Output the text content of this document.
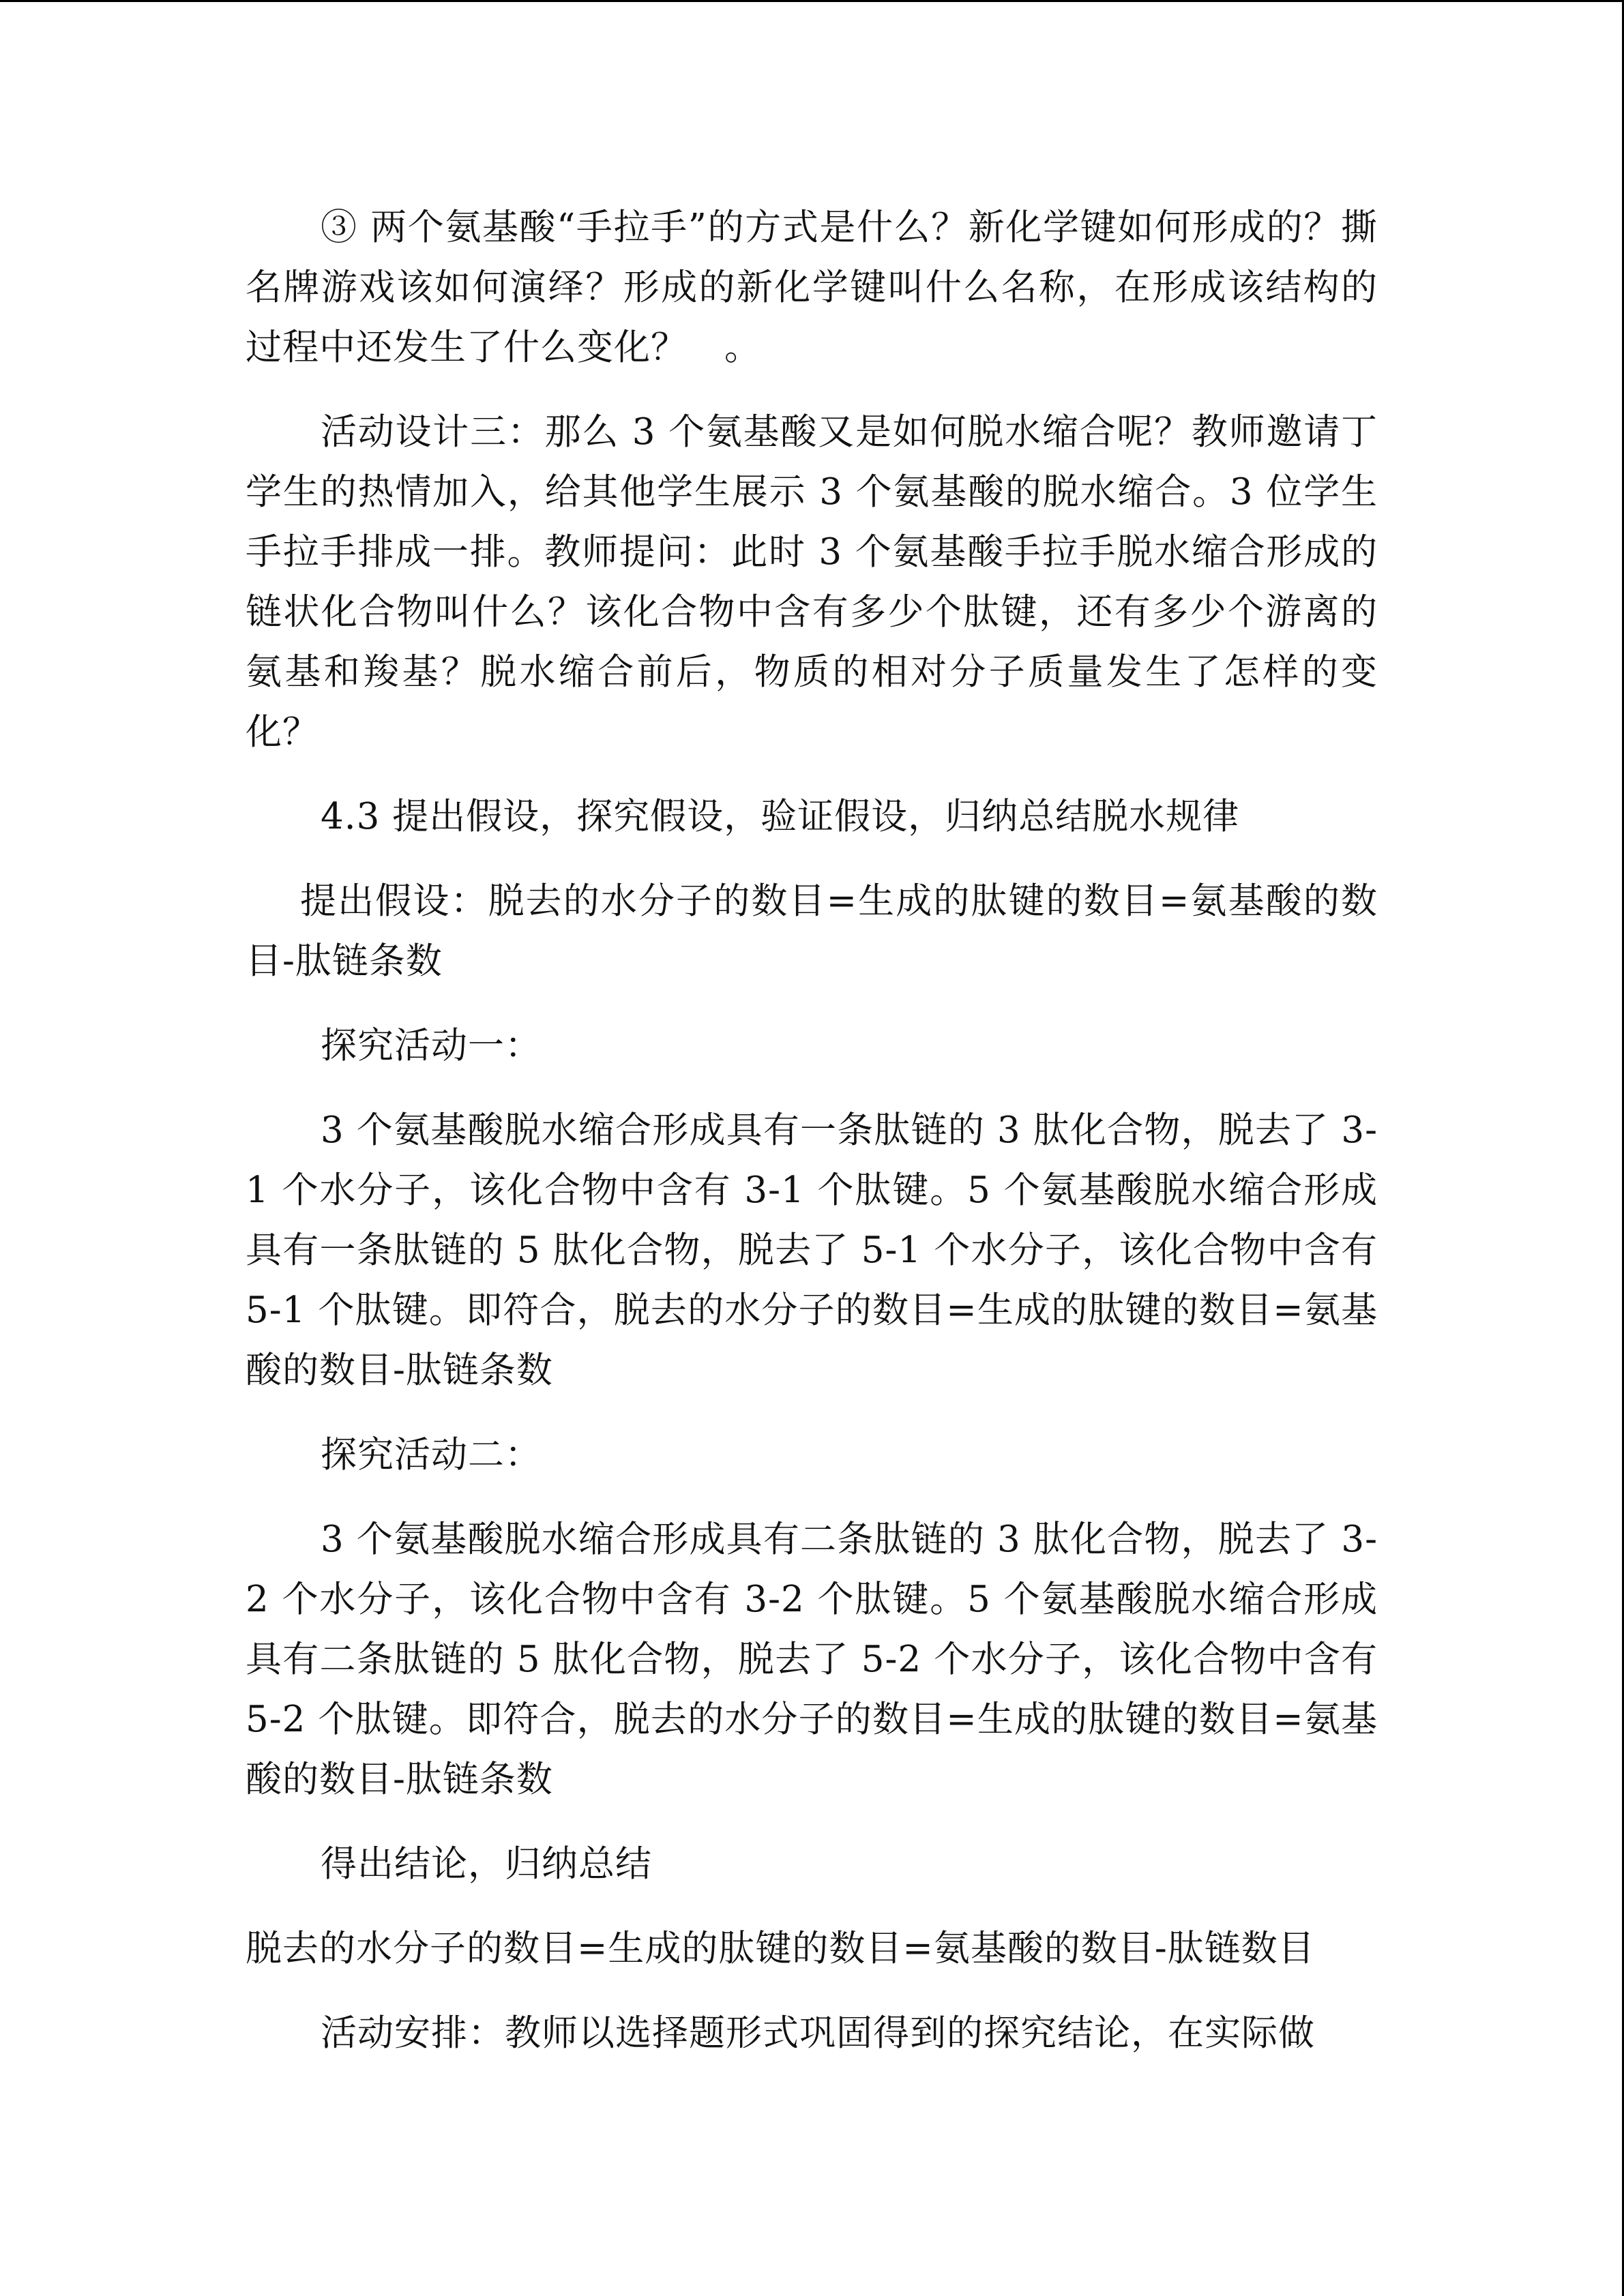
③ 两个氨基酸“手拉手”的方式是什么？新化学键如何形成的？撕名牌游戏该如何演绎？形成的新化学键叫什么名称，在形成该结构的过程中还发生了什么变化？　。

活动设计三：那么 3 个氨基酸又是如何脱水缩合呢？教师邀请丁学生的热情加入，给其他学生展示 3 个氨基酸的脱水缩合。3 位学生手拉手排成一排。教师提问：此时 3 个氨基酸手拉手脱水缩合形成的链状化合物叫什么？该化合物中含有多少个肽键，还有多少个游离的氨基和羧基？脱水缩合前后，物质的相对分子质量发生了怎样的变化？

4.3 提出假设，探究假设，验证假设，归纳总结脱水规律

提出假设：脱去的水分子的数目=生成的肽键的数目=氨基酸的数目-肽链条数

探究活动一：

3 个氨基酸脱水缩合形成具有一条肽链的 3 肽化合物，脱去了 3-1 个水分子，该化合物中含有 3-1 个肽键。5 个氨基酸脱水缩合形成具有一条肽链的 5 肽化合物，脱去了 5-1 个水分子，该化合物中含有 5-1 个肽键。即符合，脱去的水分子的数目=生成的肽键的数目=氨基酸的数目-肽链条数

探究活动二：

3 个氨基酸脱水缩合形成具有二条肽链的 3 肽化合物，脱去了 3-2 个水分子，该化合物中含有 3-2 个肽键。5 个氨基酸脱水缩合形成具有二条肽链的 5 肽化合物，脱去了 5-2 个水分子，该化合物中含有 5-2 个肽键。即符合，脱去的水分子的数目=生成的肽键的数目=氨基酸的数目-肽链条数

得出结论，归纳总结

脱去的水分子的数目=生成的肽键的数目=氨基酸的数目-肽链数目

活动安排：教师以选择题形式巩固得到的探究结论，在实际做
